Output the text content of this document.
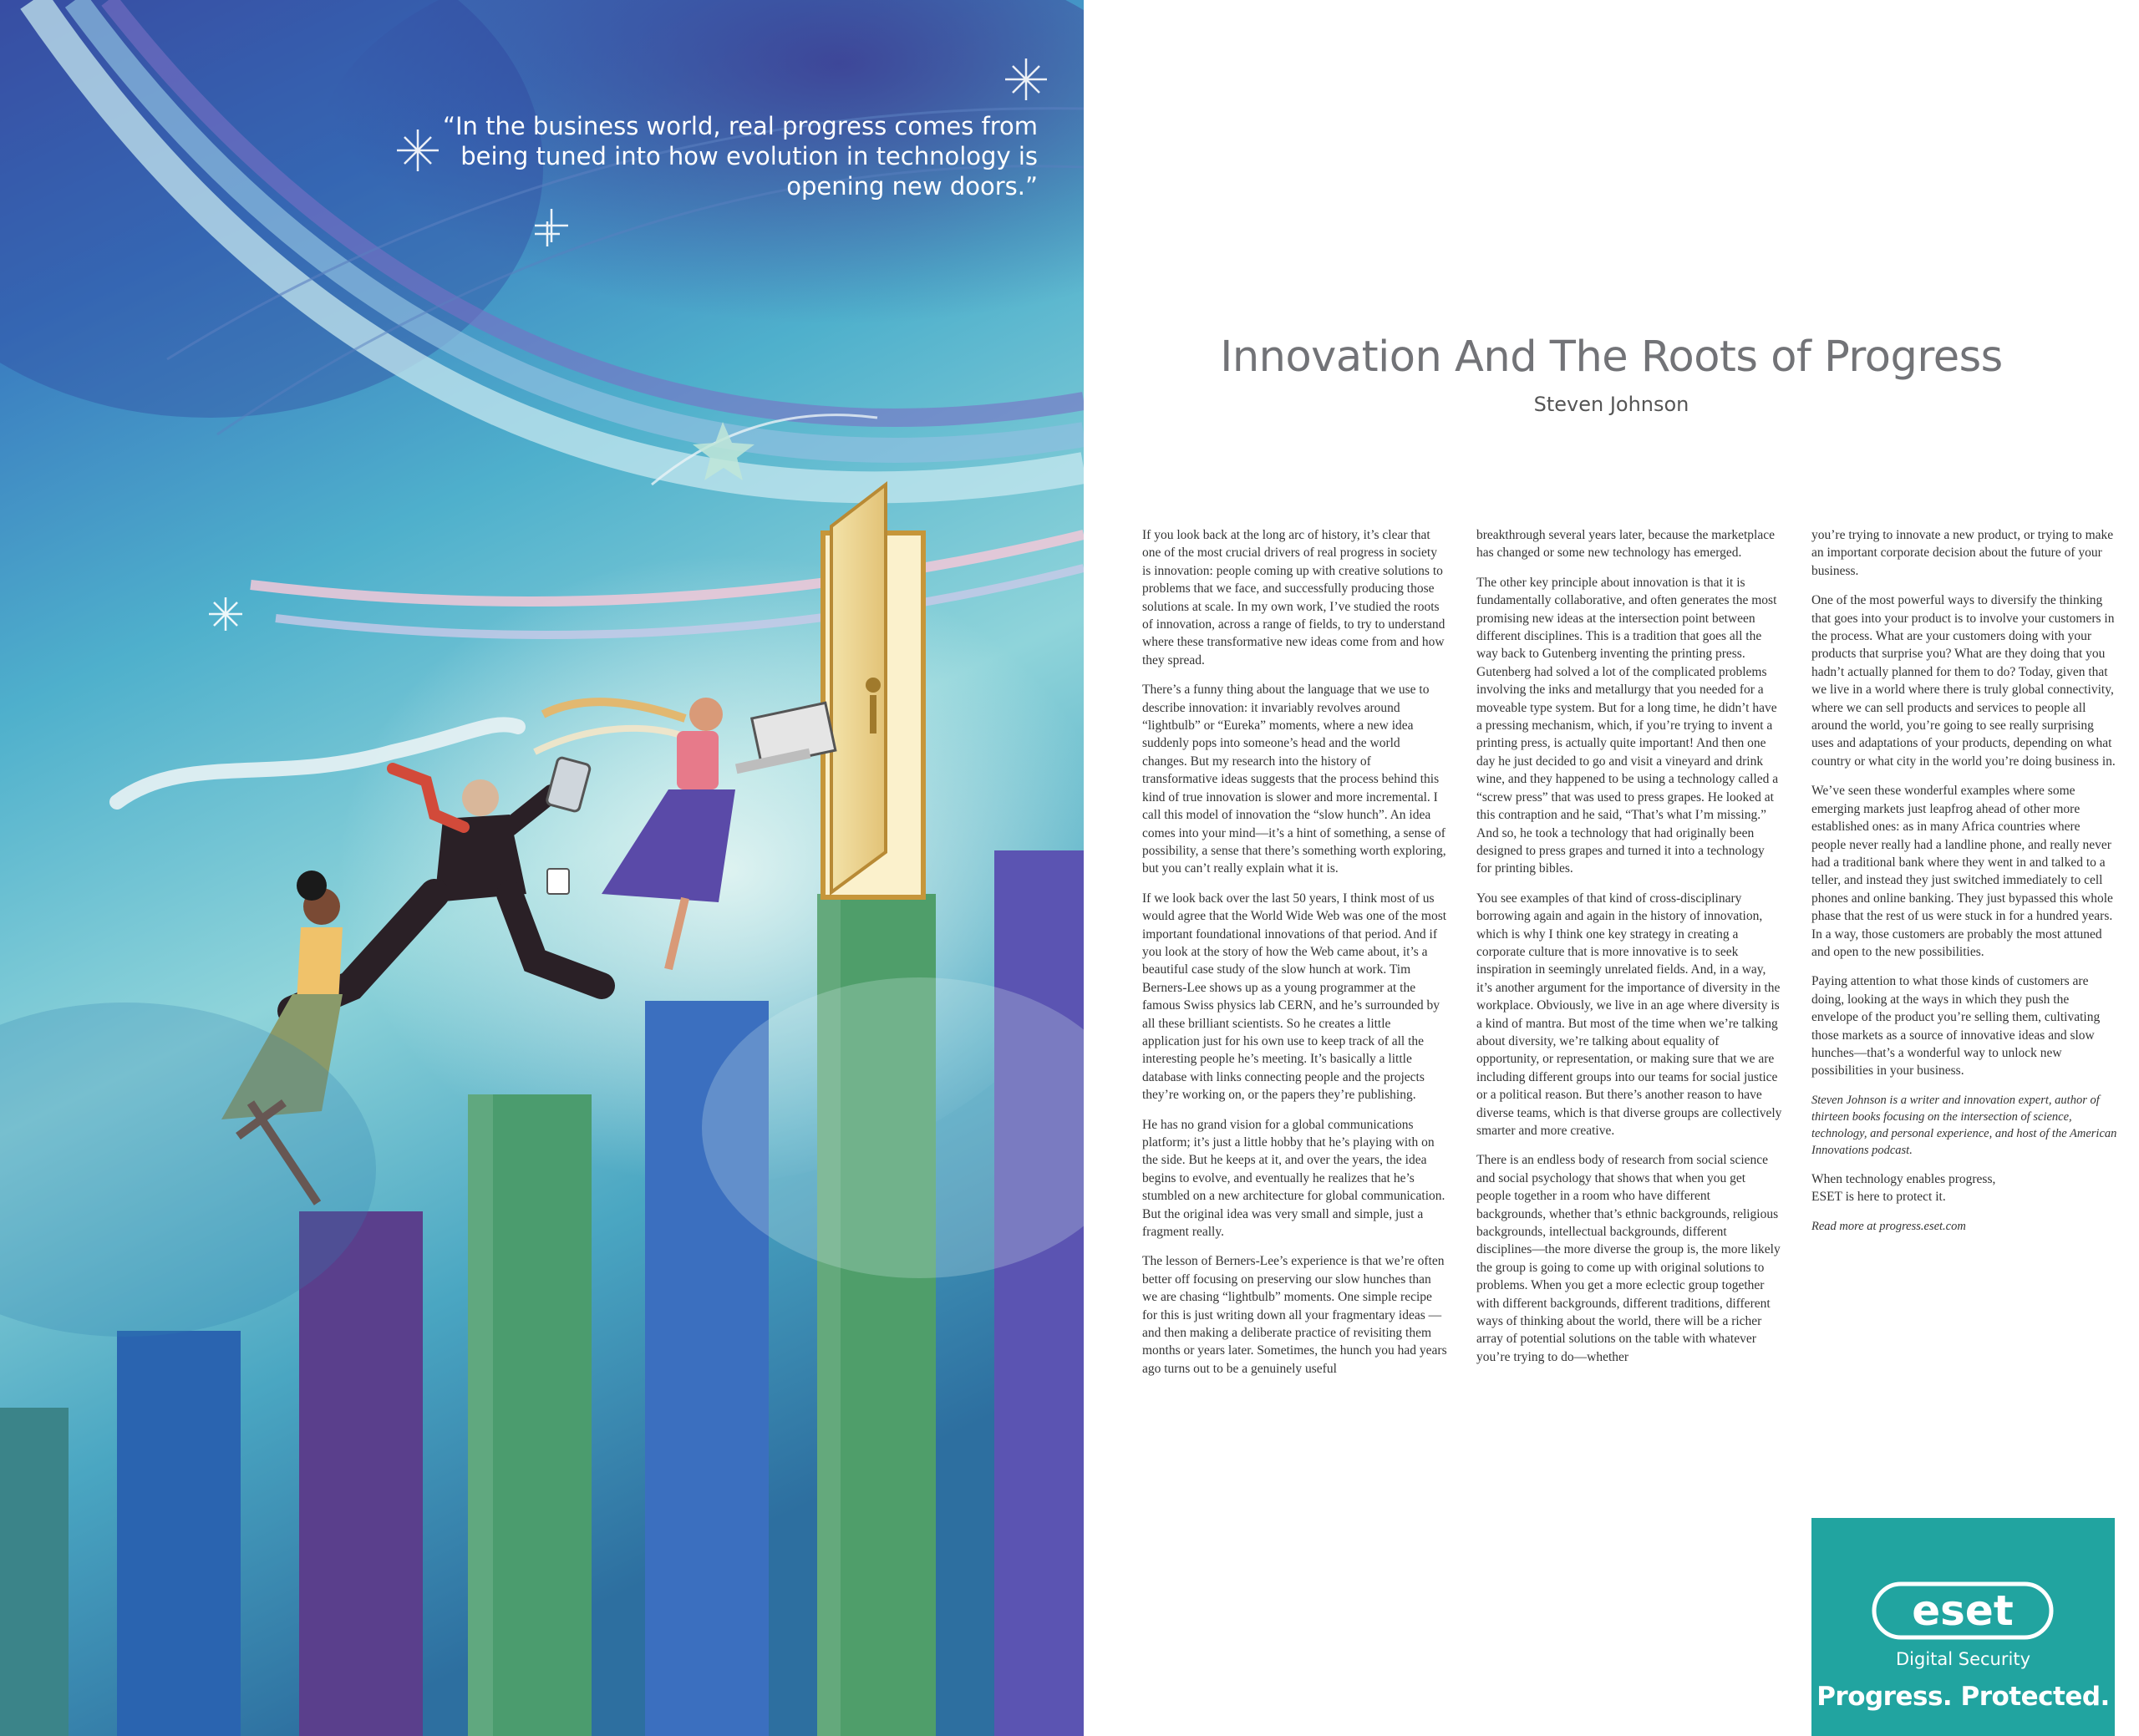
“In the business world, real progress comes from being tuned into how evolution in technology is opening new doors.”
Innovation And The Roots of Progress
Steven Johnson

If you look back at the long arc of history, it’s clear that one of the most crucial drivers of real progress in society is innovation: people coming up with creative solutions to problems that we face, and successfully producing those solutions at scale. In my own work, I’ve studied the roots of innovation, across a range of fields, to try to understand where these transformative new ideas come from and how they spread.

There’s a funny thing about the language that we use to describe innovation: it invariably revolves around “lightbulb” or “Eureka” moments, where a new idea suddenly pops into someone’s head and the world changes. But my research into the history of transformative ideas suggests that the process behind this kind of true innovation is slower and more incremental. I call this model of innovation the “slow hunch”. An idea comes into your mind—it’s a hint of something, a sense of possibility, a sense that there’s something worth exploring, but you can’t really explain what it is.

If we look back over the last 50 years, I think most of us would agree that the World Wide Web was one of the most important foundational innovations of that period. And if you look at the story of how the Web came about, it’s a beautiful case study of the slow hunch at work. Tim Berners-Lee shows up as a young programmer at the famous Swiss physics lab CERN, and he’s surrounded by all these brilliant scientists. So he creates a little application just for his own use to keep track of all the interesting people he’s meeting. It’s basically a little database with links connecting people and the projects they’re working on, or the papers they’re publishing.

He has no grand vision for a global communications platform; it’s just a little hobby that he’s playing with on the side. But he keeps at it, and over the years, the idea begins to evolve, and eventually he realizes that he’s stumbled on a new architecture for global communication. But the original idea was very small and simple, just a fragment really.

The lesson of Berners-Lee’s experience is that we’re often better off focusing on preserving our slow hunches than we are chasing “lightbulb” moments. One simple recipe for this is just writing down all your fragmentary ideas — and then making a deliberate practice of revisiting them months or years later. Sometimes, the hunch you had years ago turns out to be a genuinely useful

breakthrough several years later, because the marketplace has changed or some new technology has emerged.

The other key principle about innovation is that it is fundamentally collaborative, and often generates the most promising new ideas at the intersection point between different disciplines. This is a tradition that goes all the way back to Gutenberg inventing the printing press. Gutenberg had solved a lot of the complicated problems involving the inks and metallurgy that you needed for a moveable type system. But for a long time, he didn’t have a pressing mechanism, which, if you’re trying to invent a printing press, is actually quite important! And then one day he just decided to go and visit a vineyard and drink wine, and they happened to be using a technology called a “screw press” that was used to press grapes. He looked at this contraption and he said, “That’s what I’m missing.” And so, he took a technology that had originally been designed to press grapes and turned it into a technology for printing bibles.

You see examples of that kind of cross-disciplinary borrowing again and again in the history of innovation, which is why I think one key strategy in creating a corporate culture that is more innovative is to seek inspiration in seemingly unrelated fields. And, in a way, it’s another argument for the importance of diversity in the workplace. Obviously, we live in an age where diversity is a kind of mantra. But most of the time when we’re talking about diversity, we’re talking about equality of opportunity, or representation, or making sure that we are including different groups into our teams for social justice or a political reason. But there’s another reason to have diverse teams, which is that diverse groups are collectively smarter and more creative.

There is an endless body of research from social science and social psychology that shows that when you get people together in a room who have different backgrounds, whether that’s ethnic backgrounds, religious backgrounds, intellectual backgrounds, different disciplines—the more diverse the group is, the more likely the group is going to come up with original solutions to problems. When you get a more eclectic group together with different backgrounds, different traditions, different ways of thinking about the world, there will be a richer array of potential solutions on the table with whatever you’re trying to do—whether

you’re trying to innovate a new product, or trying to make an important corporate decision about the future of your business.

One of the most powerful ways to diversify the thinking that goes into your product is to involve your customers in the process. What are your customers doing with your products that surprise you? What are they doing that you hadn’t actually planned for them to do? Today, given that we live in a world where there is truly global connectivity, where we can sell products and services to people all around the world, you’re going to see really surprising uses and adaptations of your products, depending on what country or what city in the world you’re doing business in.

We’ve seen these wonderful examples where some emerging markets just leapfrog ahead of other more established ones: as in many Africa countries where people never really had a landline phone, and really never had a traditional bank where they went in and talked to a teller, and instead they just switched immediately to cell phones and online banking. They just bypassed this whole phase that the rest of us were stuck in for a hundred years. In a way, those customers are probably the most attuned and open to the new possibilities.

Paying attention to what those kinds of customers are doing, looking at the ways in which they push the envelope of the product you’re selling them, cultivating those markets as a source of innovative ideas and slow hunches—that’s a wonderful way to unlock new possibilities in your business.

Steven Johnson is a writer and innovation expert, author of thirteen books focusing on the intersection of science, technology, and personal experience, and host of the American Innovations podcast.

When technology enables progress,
ESET is here to protect it.

Read more at progress.eset.com

eset
Digital Security
Progress. Protected.
